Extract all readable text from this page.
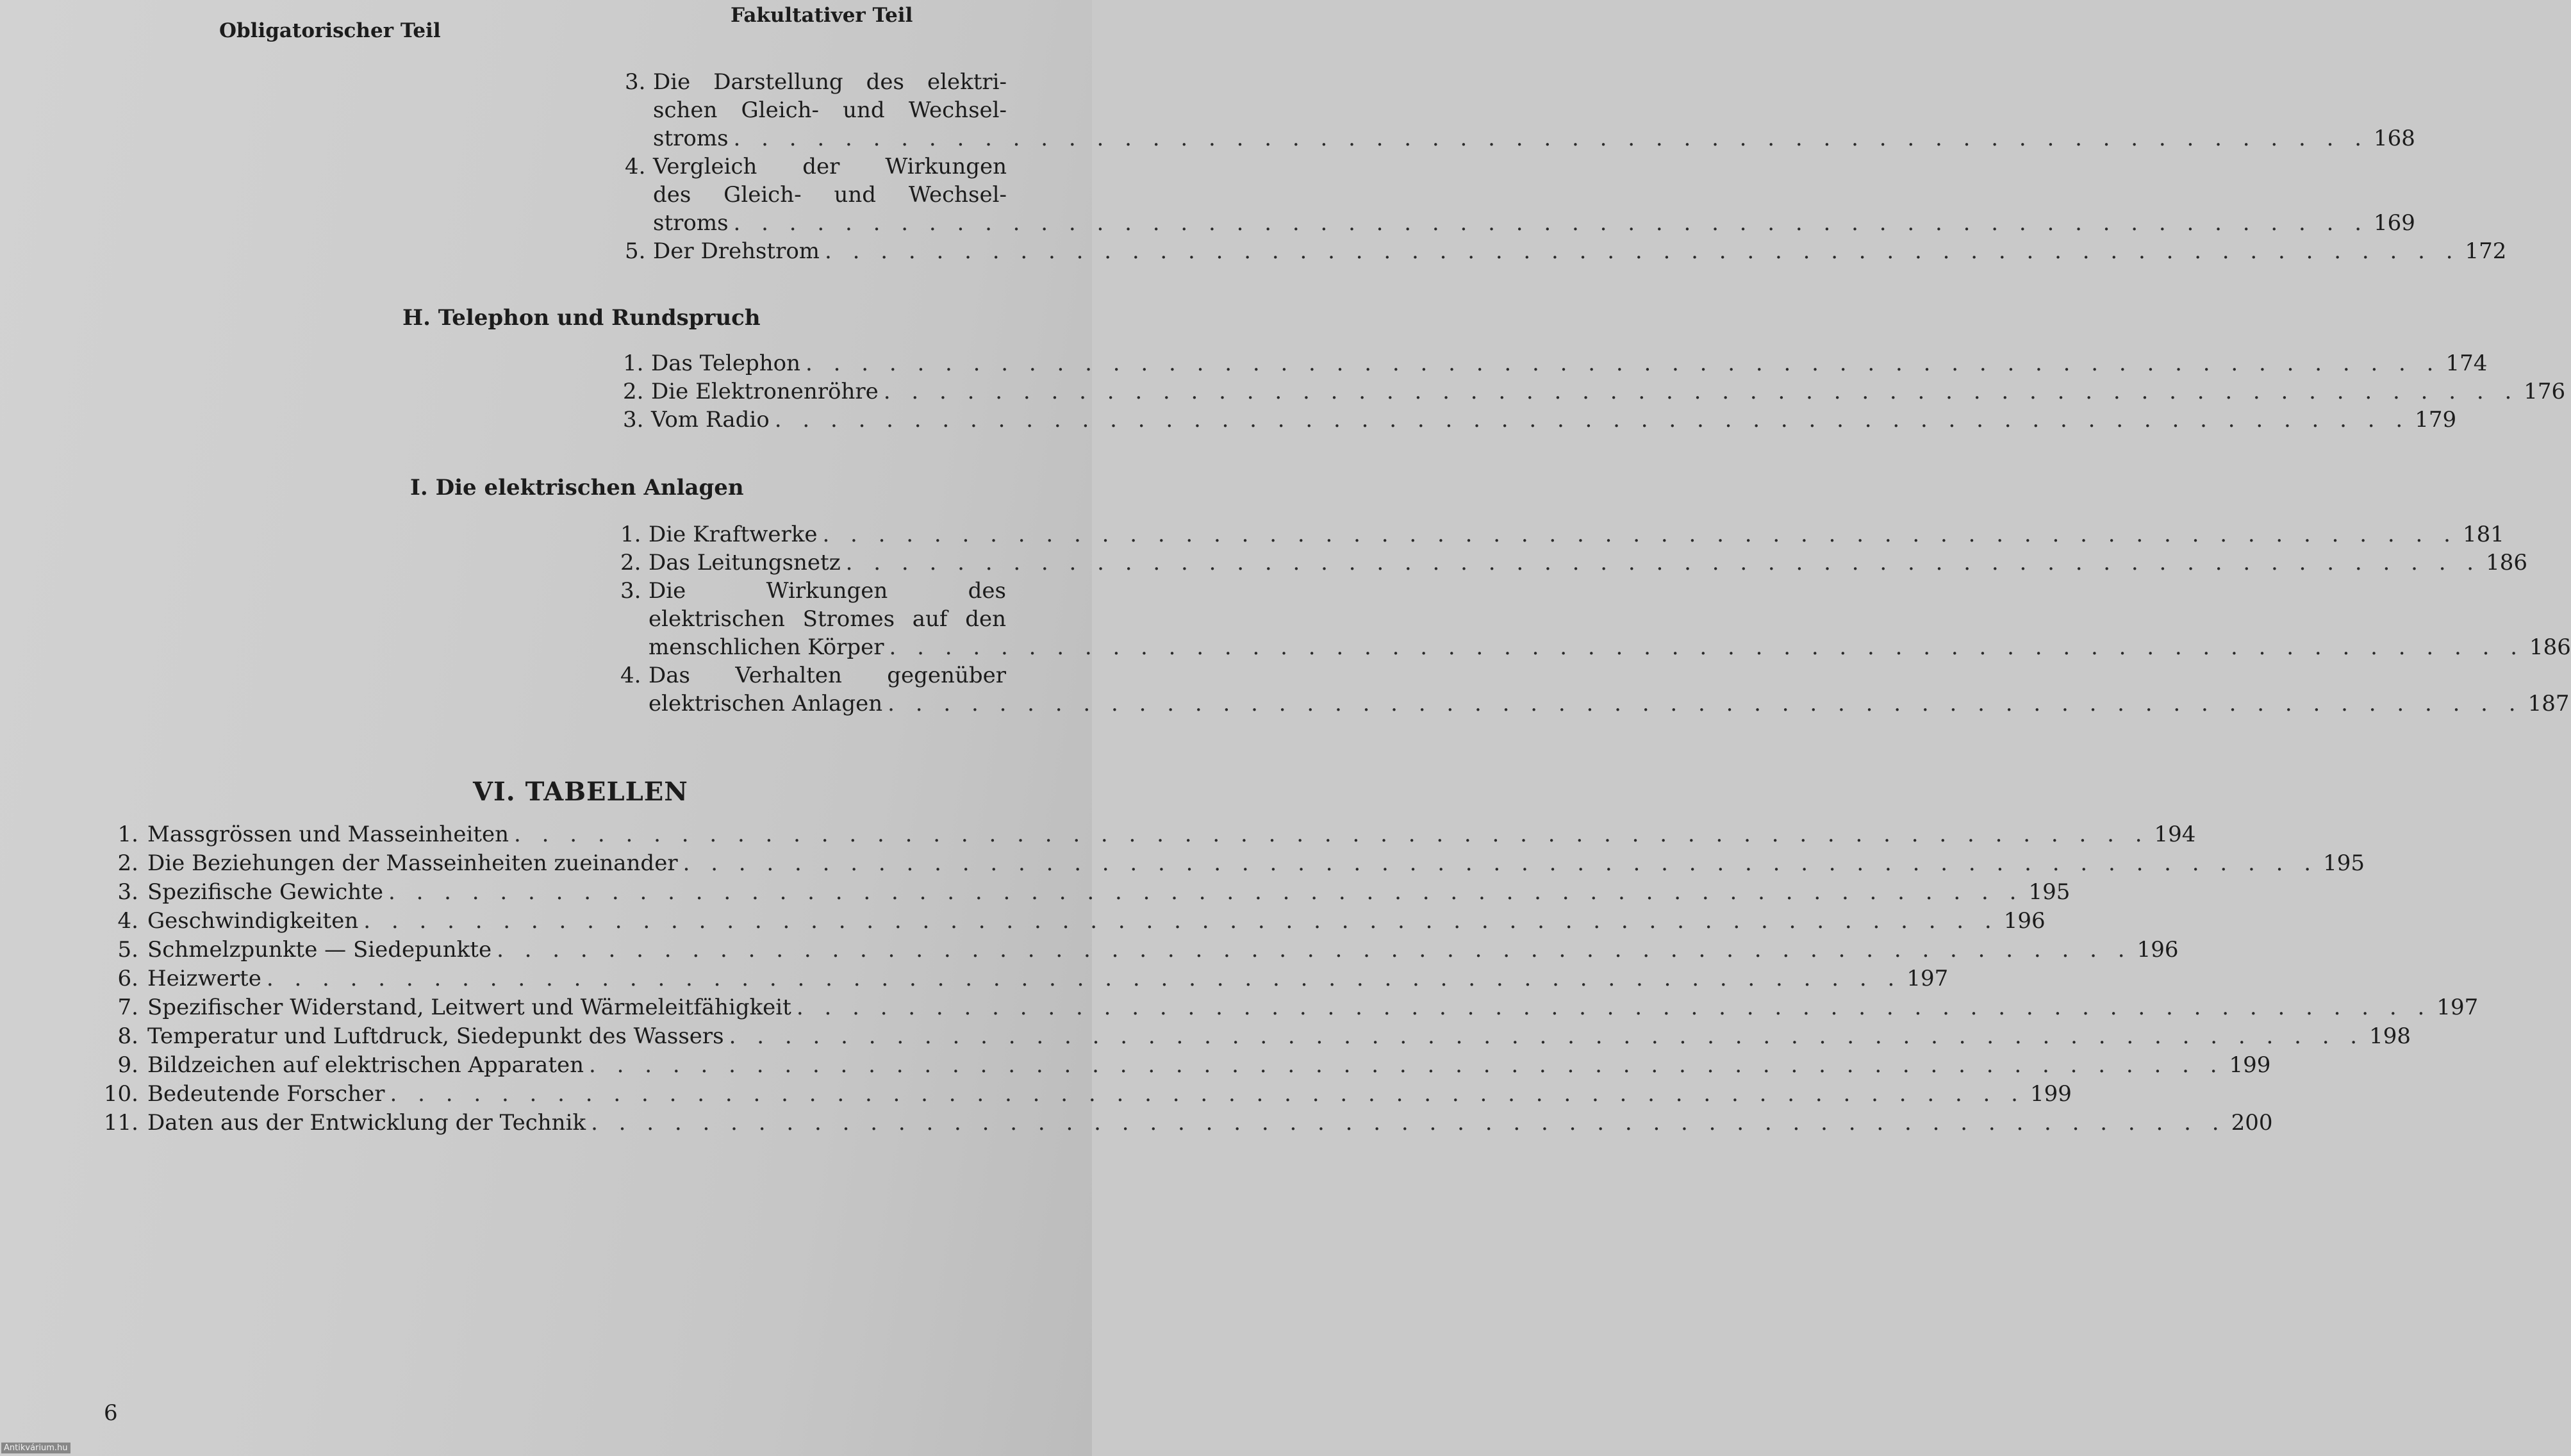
Obligatorischer Teil
Fakultativer Teil
3. Die Darstellung des elektri-
schen Gleich- und Wechsel-
stroms . . . . . . . . . . . . . . . . . . . . . . . . . . . . . . . . . . . . . . . . . . . . . . . . . . . . . . . . . . . 168
4. Vergleich der Wirkungen
des Gleich- und Wechsel-
stroms . . . . . . . . . . . . . . . . . . . . . . . . . . . . . . . . . . . . . . . . . . . . . . . . . . . . . . . . . . . 169
5. Der Drehstrom . . . . . . . . . . . . . . . . . . . . . . . . . . . . . . . . . . . . . . . . . . . . . . . . . . . . . . . . . . . 172
H. Telephon und Rundspruch
1. Das Telephon . . . . . . . . . . . . . . . . . . . . . . . . . . . . . . . . . . . . . . . . . . . . . . . . . . . . . . . . . . . 174
2. Die Elektronenröhre . . . . . . . . . . . . . . . . . . . . . . . . . . . . . . . . . . . . . . . . . . . . . . . . . . . . . . . . . . . 176
3. Vom Radio . . . . . . . . . . . . . . . . . . . . . . . . . . . . . . . . . . . . . . . . . . . . . . . . . . . . . . . . . . . 179
I. Die elektrischen Anlagen
1. Die Kraftwerke . . . . . . . . . . . . . . . . . . . . . . . . . . . . . . . . . . . . . . . . . . . . . . . . . . . . . . . . . . . 181
2. Das Leitungsnetz . . . . . . . . . . . . . . . . . . . . . . . . . . . . . . . . . . . . . . . . . . . . . . . . . . . . . . . . . . . 186
3. Die Wirkungen des
elektrischen Stromes auf den
menschlichen Körper . . . . . . . . . . . . . . . . . . . . . . . . . . . . . . . . . . . . . . . . . . . . . . . . . . . . . . . . . . . 186
4. Das Verhalten gegenüber
elektrischen Anlagen . . . . . . . . . . . . . . . . . . . . . . . . . . . . . . . . . . . . . . . . . . . . . . . . . . . . . . . . . . . 187
VI. TABELLEN
1. Massgrössen und Masseinheiten . . . . . . . . . . . . . . . . . . . . . . . . . . . . . . . . . . . . . . . . . . . . . . . . . . . . . . . . . . . 194
2. Die Beziehungen der Masseinheiten zueinander . . . . . . . . . . . . . . . . . . . . . . . . . . . . . . . . . . . . . . . . . . . . . . . . . . . . . . . . . . . 195
3. Spezifische Gewichte . . . . . . . . . . . . . . . . . . . . . . . . . . . . . . . . . . . . . . . . . . . . . . . . . . . . . . . . . . . 195
4. Geschwindigkeiten . . . . . . . . . . . . . . . . . . . . . . . . . . . . . . . . . . . . . . . . . . . . . . . . . . . . . . . . . . . 196
5. Schmelzpunkte — Siedepunkte . . . . . . . . . . . . . . . . . . . . . . . . . . . . . . . . . . . . . . . . . . . . . . . . . . . . . . . . . . . 196
6. Heizwerte . . . . . . . . . . . . . . . . . . . . . . . . . . . . . . . . . . . . . . . . . . . . . . . . . . . . . . . . . . . 197
7. Spezifischer Widerstand, Leitwert und Wärmeleitfähigkeit . . . . . . . . . . . . . . . . . . . . . . . . . . . . . . . . . . . . . . . . . . . . . . . . . . . . . . . . . . . 197
8. Temperatur und Luftdruck, Siedepunkt des Wassers . . . . . . . . . . . . . . . . . . . . . . . . . . . . . . . . . . . . . . . . . . . . . . . . . . . . . . . . . . . 198
9. Bildzeichen auf elektrischen Apparaten . . . . . . . . . . . . . . . . . . . . . . . . . . . . . . . . . . . . . . . . . . . . . . . . . . . . . . . . . . . 199
10. Bedeutende Forscher . . . . . . . . . . . . . . . . . . . . . . . . . . . . . . . . . . . . . . . . . . . . . . . . . . . . . . . . . . . 199
11. Daten aus der Entwicklung der Technik . . . . . . . . . . . . . . . . . . . . . . . . . . . . . . . . . . . . . . . . . . . . . . . . . . . . . . . . . . . 200
6
Antikvárium.hu
